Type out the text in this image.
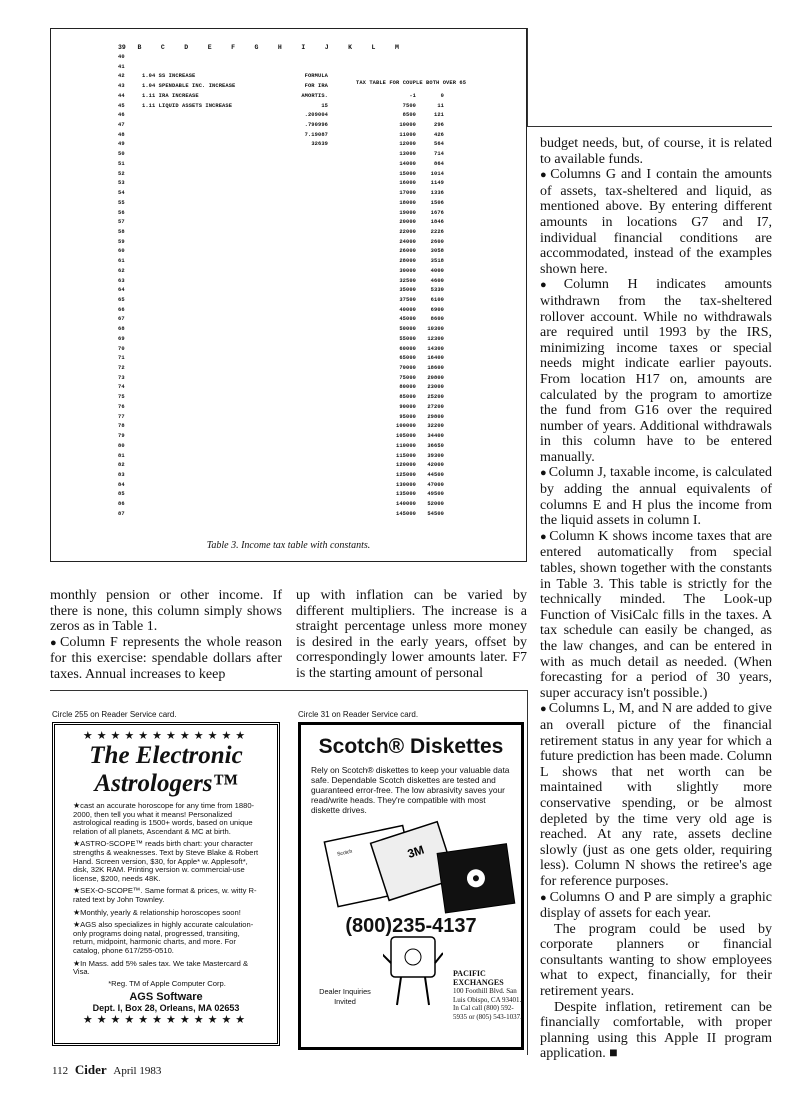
39   B     C     D     E     F     G     H     I     J     K     L     M
TAX TABLE FOR COUPLE BOTH OVER 65
40
41
42	1.04 SS INCREASE	FORMULA
43	1.04 SPENDABLE INC. INCREASE	FOR IRA
44	1.11 IRA INCREASE	AMORTIS.	-1	0
45	1.11 LIQUID ASSETS INCREASE	15	7500	11
46	.209004	8500	121
47	.790996	10000	296
48	7.19087	11000	426
49	32639	12000	564
50	13000	714
51	14000	864
52	15000	1014
53	16000	1149
54	17000	1336
55	18000	1506
56	19000	1676
57	20000	1846
58	22000	2226
59	24000	2600
60	26000	3058
61	28000	3518
62	30000	4000
63	32500	4600
64	35000	5330
65	37500	6100
66	40000	6900
67	45000	8600
68	50000	10300
69	55000	12300
70	60000	14300
71	65000	16400
72	70000	18600
73	75000	20800
74	80000	23000
75	85000	25200
76	90000	27200
77	95000	29800
78	100000	32200
79	105000	34400
80	110000	36650
81	115000	39300
82	120000	42000
83	125000	44500
84	130000	47000
85	135000	49500
86	140000	52000
87	145000	54500
Table 3. Income tax table with constants.
monthly pension or other income. If there is none, this column simply shows zeros as in Table 1.
● Column F represents the whole reason for this exercise: spendable dollars after taxes. Annual increases to keep
up with inflation can be varied by different multipliers. The increase is a straight percentage unless more money is desired in the early years, offset by correspondingly lower amounts later. F7 is the starting amount of personal

budget needs, but, of course, it is related to available funds.

● Columns G and I contain the amounts of assets, tax-sheltered and liquid, as mentioned above. By entering different amounts in locations G7 and I7, individual financial conditions are accommodated, instead of the examples shown here.

● Column H indicates amounts withdrawn from the tax-sheltered rollover account. While no withdrawals are required until 1993 by the IRS, minimizing income taxes or special needs might indicate earlier payouts. From location H17 on, amounts are calculated by the program to amortize the fund from G16 over the required number of years. Additional withdrawals in this column have to be entered manually.

● Column J, taxable income, is calculated by adding the annual equivalents of columns E and H plus the income from the liquid assets in column I.

● Column K shows income taxes that are entered automatically from special tables, shown together with the constants in Table 3. This table is strictly for the technically minded. The Look-up Function of VisiCalc fills in the taxes. A tax schedule can easily be changed, as the law changes, and can be entered in with as much detail as needed. (When forecasting for a period of 30 years, super accuracy isn't possible.)

● Columns L, M, and N are added to give an overall picture of the financial retirement status in any year for which a future prediction has been made. Column L shows that net worth can be maintained with slightly more conservative spending, or be almost depleted by the time very old age is reached. At any rate, assets decline slowly (just as one gets older, requiring less). Column N shows the retiree's age for reference purposes.

● Columns O and P are simply a graphic display of assets for each year.

The program could be used by corporate planners or financial consultants wanting to show employees what to expect, financially, for their retirement years.

Despite inflation, retirement can be financially comfortable, with proper planning using this Apple II program application. ■

Circle 255 on Reader Service card.
★★★★★★★★★★★★
The Electronic
Astrologers™
★ cast an accurate horoscope for any time from 1880-2000, then tell you what it means! Personalized astrological reading is 1500+ words, based on unique relation of all planets, Ascendant & MC at birth.
★ ASTRO-SCOPE™ reads birth chart: your character strengths & weaknesses. Text by Steve Blake & Robert Hand. Screen version, $30, for Apple* w. Applesoft*, disk, 32K RAM. Printing version w. commercial-use license, $200, needs 48K.
★ SEX-O-SCOPE™. Same format & prices, w. witty R-rated text by John Townley.
★ Monthly, yearly & relationship horoscopes soon!
★ AGS also specializes in highly accurate calculation-only programs doing natal, progressed, transiting, return, midpoint, harmonic charts, and more. For catalog, phone 617/255-0510.
★ In Mass. add 5% sales tax. We take Mastercard & Visa.
*Reg. TM of Apple Computer Corp.
AGS Software
Dept. I, Box 28, Orleans, MA 02653
★★★★★★★★★★★★
Circle 31 on Reader Service card.
Scotch® Diskettes
Rely on Scotch® diskettes to keep your valuable data safe. Dependable Scotch diskettes are tested and guaranteed error-free. The low abrasivity saves your read/write heads. They're compatible with most diskette drives.
Scotch	3M
(800)235-4137
Dealer Inquiries Invited
PACIFIC EXCHANGES
100 Foothill Blvd. San Luis Obispo, CA 93401. In Cal call (800) 592-5935 or (805) 543-1037.
112 Cider April 1983
